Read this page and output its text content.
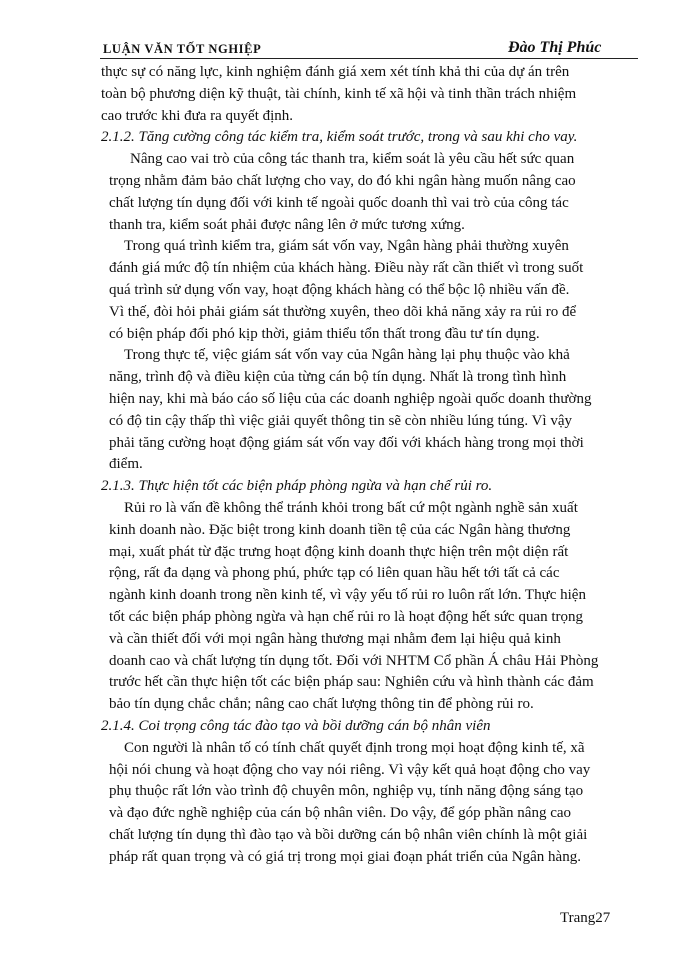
LUẬN VĂN TỐT NGHIỆP	Đào Thị Phúc
thực sự có năng lực, kinh nghiệm đánh giá xem xét tính khả thi của dự án trên
toàn bộ phương diện kỹ thuật, tài chính, kinh tế xã hội và tinh thần trách nhiệm
cao trước khi đưa ra quyết định.
2.1.2. Tăng cường công tác kiểm tra, kiểm soát trước, trong và sau khi cho vay.
Nâng cao vai trò của công tác thanh tra, kiểm soát là yêu cầu hết sức quan
trọng nhằm đảm bảo chất lượng cho vay, do đó khi ngân hàng muốn nâng cao
chất lượng tín dụng đối với kinh tế ngoài quốc doanh thì vai trò của công tác
thanh tra, kiểm soát phải được nâng lên ở mức tương xứng.
Trong quá trình kiểm tra, giám sát vốn vay, Ngân hàng phải thường xuyên
đánh giá mức độ tín nhiệm của khách hàng. Điều này rất cần thiết vì trong suốt
quá trình sử dụng vốn vay, hoạt động khách hàng có thể bộc lộ nhiều vấn đề.
Vì thế, đòi hỏi phải giám sát thường xuyên, theo dõi khả năng xảy ra rủi ro để
có biện pháp đối phó kịp thời, giảm thiểu tổn thất trong đầu tư tín dụng.
Trong thực tế, việc giám sát vốn vay của Ngân hàng lại phụ thuộc vào khả
năng, trình độ và điều kiện của từng cán bộ tín dụng. Nhất là trong tình hình
hiện nay, khi mà báo cáo số liệu của các doanh nghiệp ngoài quốc doanh thường
có độ tin cậy thấp thì việc giải quyết thông tin sẽ còn nhiều lúng túng. Vì vậy
phải tăng cường hoạt động giám sát vốn vay đối với khách hàng trong mọi thời
điểm.
2.1.3. Thực hiện tốt các biện pháp phòng ngừa và hạn chế rủi ro.
Rủi ro là vấn đề không thể tránh khỏi trong bất cứ một ngành nghề sản xuất
kinh doanh nào. Đặc biệt trong kinh doanh tiền tệ của các Ngân hàng thương
mại, xuất phát từ đặc trưng hoạt động kinh doanh thực hiện trên một diện rất
rộng, rất đa dạng và phong phú, phức tạp có liên quan hầu hết tới tất cả các
ngành kinh doanh trong nền kinh tế, vì vậy yếu tố rủi ro luôn rất lớn. Thực hiện
tốt các biện pháp phòng ngừa và hạn chế rủi ro là hoạt động hết sức quan trọng
và cần thiết đối với mọi ngân hàng thương mại nhằm đem lại hiệu quả kinh
doanh cao và chất lượng tín dụng tốt. Đối với NHTM Cổ phần Á châu Hải Phòng
trước hết cần thực hiện tốt các biện pháp sau: Nghiên cứu và hình thành các đảm
bảo tín dụng chắc chắn; nâng cao chất lượng thông tin để phòng rủi ro.
2.1.4. Coi trọng công tác đào tạo và bồi dưỡng cán bộ nhân viên
Con người là nhân tố có tính chất quyết định trong mọi hoạt động kinh tế, xã
hội nói chung và hoạt động cho vay nói riêng. Vì vậy kết quả hoạt động cho vay
phụ thuộc rất lớn vào trình độ chuyên môn, nghiệp vụ, tính năng động sáng tạo
và đạo đức nghề nghiệp của cán bộ nhân viên. Do vậy, để góp phần nâng cao
chất lượng tín dụng thì đào tạo và bồi dưỡng cán bộ nhân viên chính là một giải
pháp rất quan trọng và có giá trị trong mọi giai đoạn phát triển của Ngân hàng.
Trang27
